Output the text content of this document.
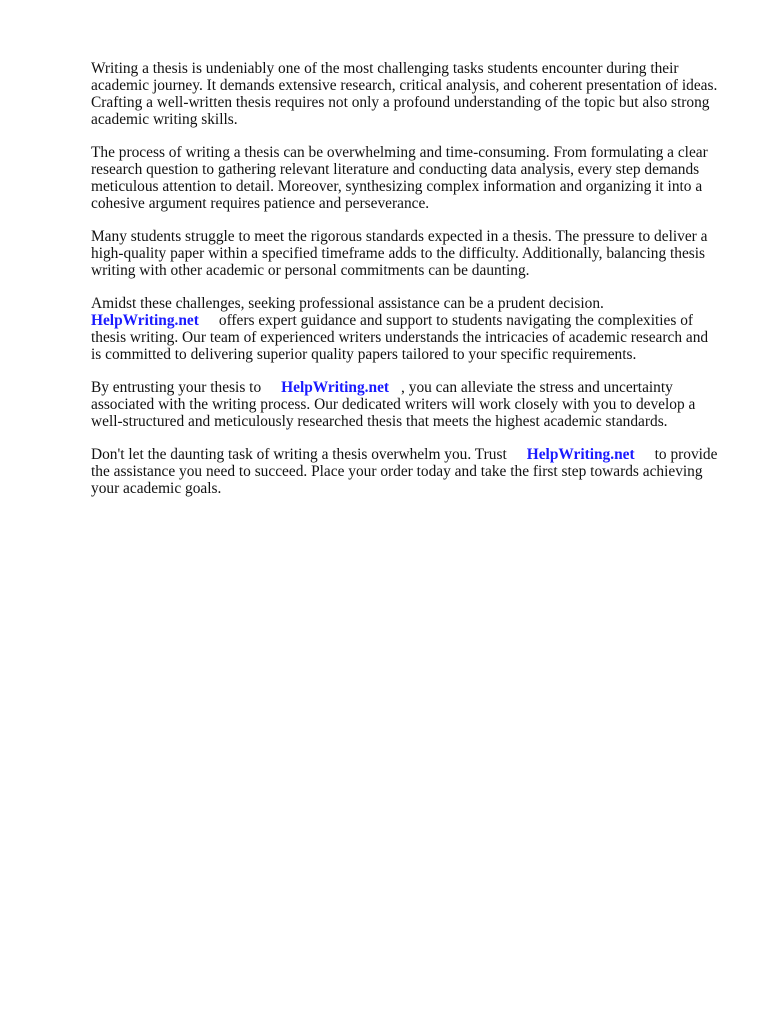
Writing a thesis is undeniably one of the most challenging tasks students encounter during their academic journey. It demands extensive research, critical analysis, and coherent presentation of ideas. Crafting a well-written thesis requires not only a profound understanding of the topic but also strong academic writing skills.

The process of writing a thesis can be overwhelming and time-consuming. From formulating a clear research question to gathering relevant literature and conducting data analysis, every step demands meticulous attention to detail. Moreover, synthesizing complex information and organizing it into a cohesive argument requires patience and perseverance.

Many students struggle to meet the rigorous standards expected in a thesis. The pressure to deliver a high-quality paper within a specified timeframe adds to the difficulty. Additionally, balancing thesis writing with other academic or personal commitments can be daunting.

Amidst these challenges, seeking professional assistance can be a prudent decision.
HelpWriting.net offers expert guidance and support to students navigating the complexities of thesis writing. Our team of experienced writers understands the intricacies of academic research and is committed to delivering superior quality papers tailored to your specific requirements.

By entrusting your thesis to HelpWriting.net , you can alleviate the stress and uncertainty associated with the writing process. Our dedicated writers will work closely with you to develop a well-structured and meticulously researched thesis that meets the highest academic standards.

Don't let the daunting task of writing a thesis overwhelm you. Trust HelpWriting.net to provide the assistance you need to succeed. Place your order today and take the first step towards achieving your academic goals.
